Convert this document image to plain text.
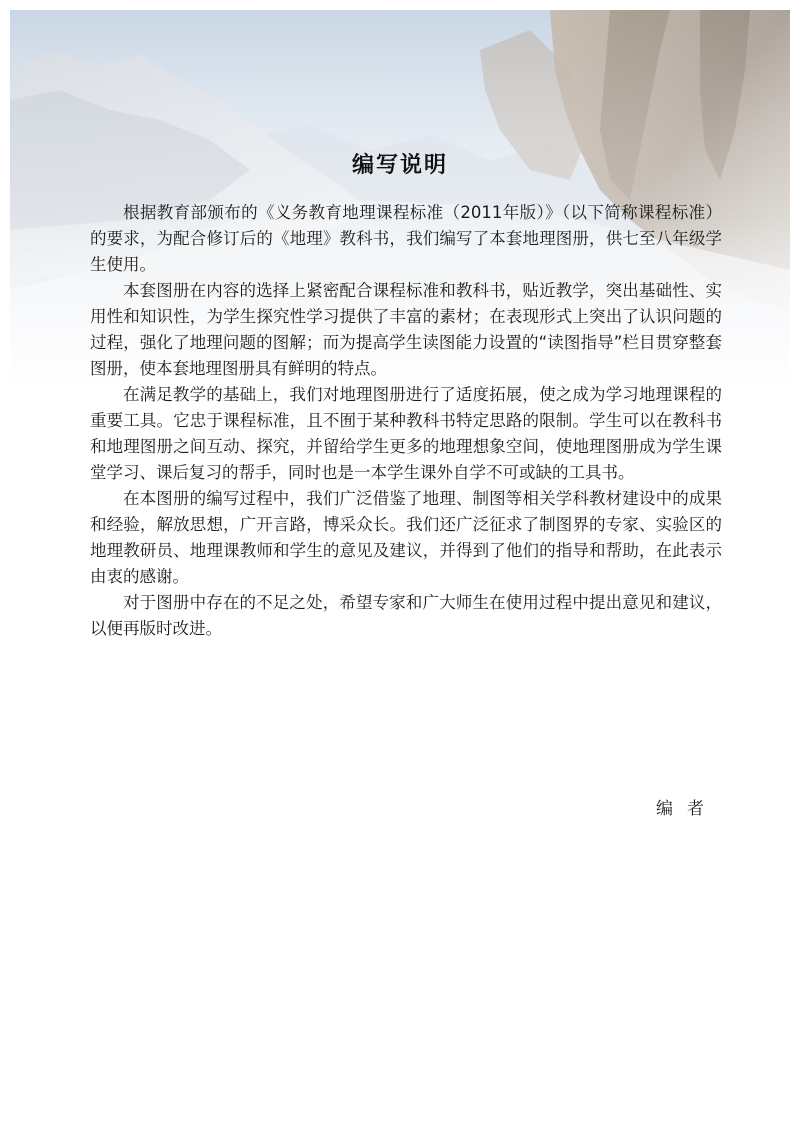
编写说明

根据教育部颁布的《义务教育地理课程标准（2011年版）》（以下简称课程标准）的要求，为配合修订后的《地理》教科书，我们编写了本套地理图册，供七至八年级学生使用。

本套图册在内容的选择上紧密配合课程标准和教科书，贴近教学，突出基础性、实用性和知识性，为学生探究性学习提供了丰富的素材；在表现形式上突出了认识问题的过程，强化了地理问题的图解；而为提高学生读图能力设置的“读图指导”栏目贯穿整套图册，使本套地理图册具有鲜明的特点。

在满足教学的基础上，我们对地理图册进行了适度拓展，使之成为学习地理课程的重要工具。它忠于课程标准，且不囿于某种教科书特定思路的限制。学生可以在教科书和地理图册之间互动、探究，并留给学生更多的地理想象空间，使地理图册成为学生课堂学习、课后复习的帮手，同时也是一本学生课外自学不可或缺的工具书。

在本图册的编写过程中，我们广泛借鉴了地理、制图等相关学科教材建设中的成果和经验，解放思想，广开言路，博采众长。我们还广泛征求了制图界的专家、实验区的地理教研员、地理课教师和学生的意见及建议，并得到了他们的指导和帮助，在此表示由衷的感谢。

对于图册中存在的不足之处，希望专家和广大师生在使用过程中提出意见和建议，以便再版时改进。

编者
